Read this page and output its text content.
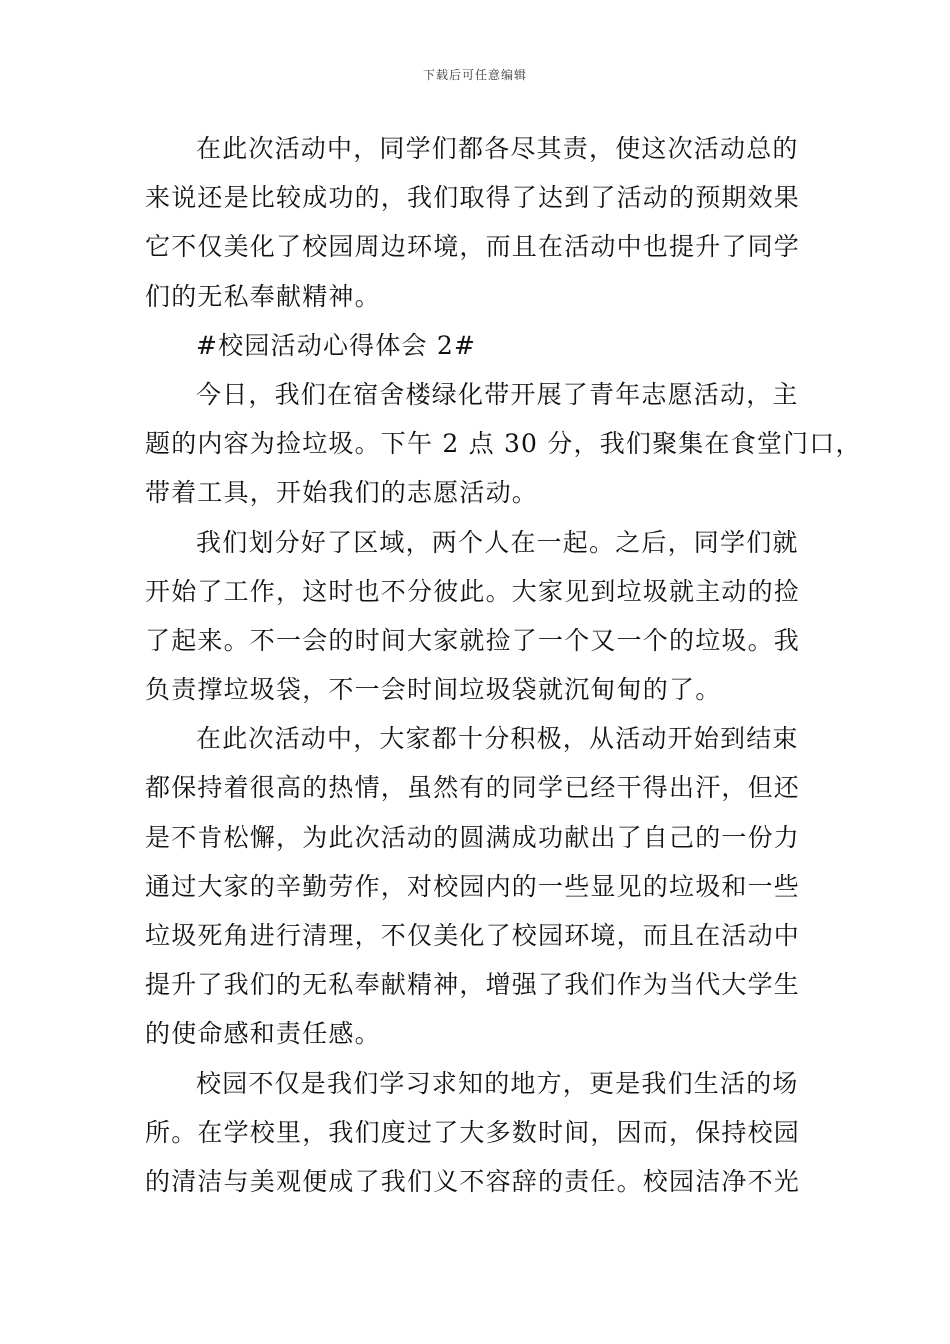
下载后可任意编辑
在此次活动中，同学们都各尽其责，使这次活动总的
来说还是比较成功的，我们取得了达到了活动的预期效果
它不仅美化了校园周边环境，而且在活动中也提升了同学
们的无私奉献精神。
#校园活动心得体会 2#
今日，我们在宿舍楼绿化带开展了青年志愿活动，主
题的内容为捡垃圾。下午 2 点 30 分，我们聚集在食堂门口，
带着工具，开始我们的志愿活动。
我们划分好了区域，两个人在一起。之后，同学们就
开始了工作，这时也不分彼此。大家见到垃圾就主动的捡
了起来。不一会的时间大家就捡了一个又一个的垃圾。我
负责撑垃圾袋，不一会时间垃圾袋就沉甸甸的了。
在此次活动中，大家都十分积极，从活动开始到结束
都保持着很高的热情，虽然有的同学已经干得出汗，但还
是不肯松懈，为此次活动的圆满成功献出了自己的一份力
通过大家的辛勤劳作，对校园内的一些显见的垃圾和一些
垃圾死角进行清理，不仅美化了校园环境，而且在活动中
提升了我们的无私奉献精神，增强了我们作为当代大学生
的使命感和责任感。
校园不仅是我们学习求知的地方，更是我们生活的场
所。在学校里，我们度过了大多数时间，因而，保持校园
的清洁与美观便成了我们义不容辞的责任。校园洁净不光
